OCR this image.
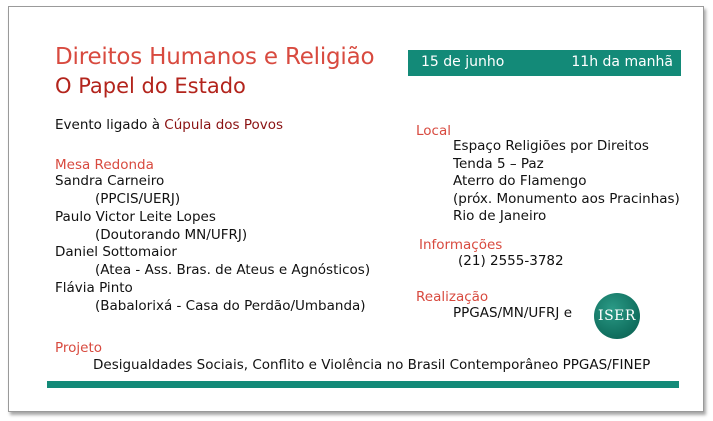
Direitos Humanos e Religião
O Papel do Estado
15 de junho	11h da manhã
Evento ligado à Cúpula dos Povos
Mesa Redonda
Sandra Carneiro
(PPCIS/UERJ)
Paulo Victor Leite Lopes
(Doutorando MN/UFRJ)
Daniel Sottomaior
(Atea - Ass. Bras. de Ateus e Agnósticos)
Flávia Pinto
(Babalorixá - Casa do Perdão/Umbanda)
Local
Espaço Religiões por Direitos
Tenda 5 – Paz
Aterro do Flamengo
(próx. Monumento aos Pracinhas)
Rio de Janeiro
Informações
(21) 2555-3782
Realização
PPGAS/MN/UFRJ e ISER
Projeto
Desigualdades Sociais, Conflito e Violência no Brasil Contemporâneo PPGAS/FINEP
